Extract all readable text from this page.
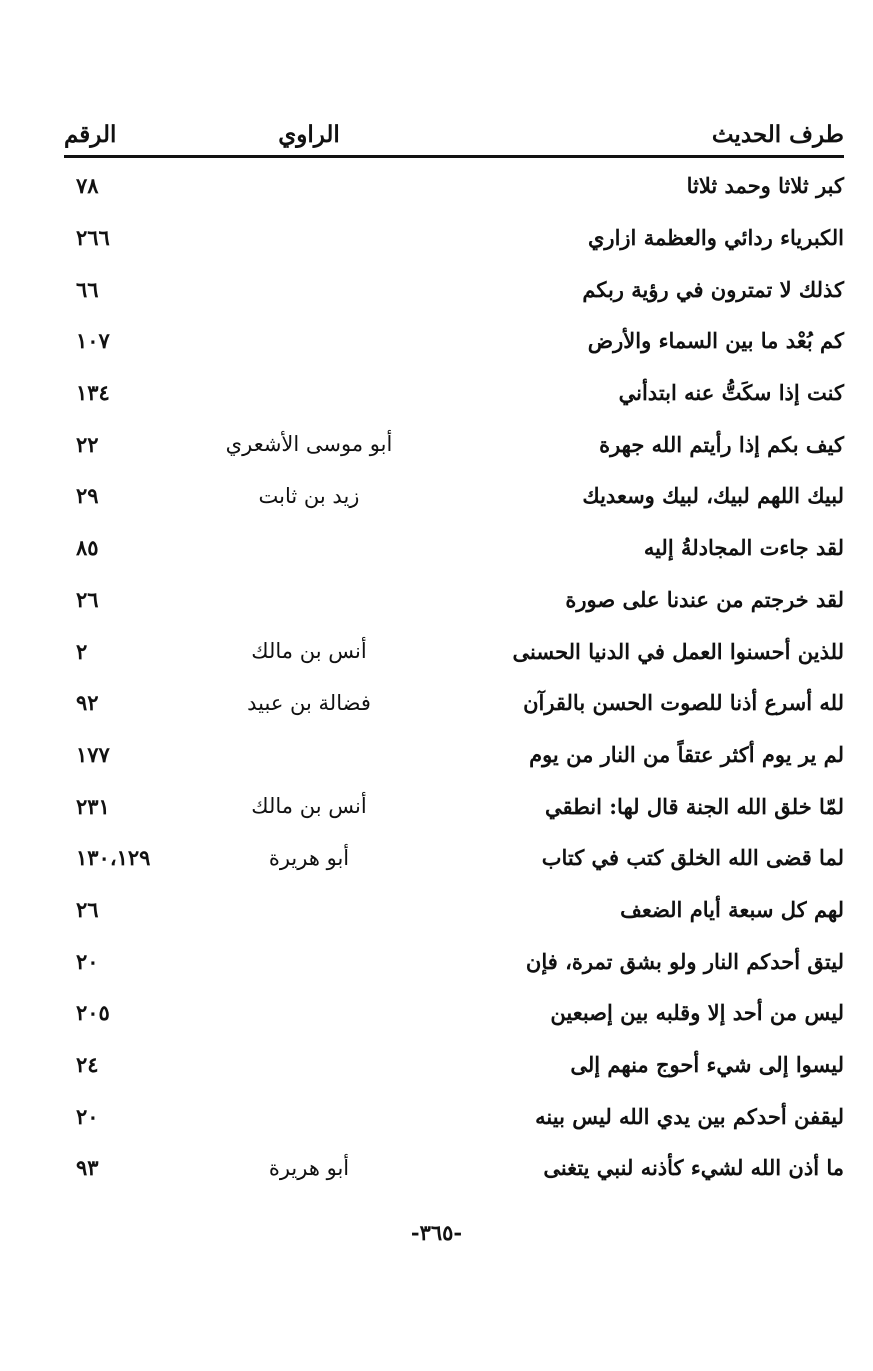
طرف الحديث
الراوي
الرقم
كبر ثلاثا وحمد ثلاثا
٧٨
الكبرياء ردائي والعظمة ازاري
٢٦٦
كذلك لا تمترون في رؤية ربكم
٦٦
كم بُعْد ما بين السماء والأرض
١٠٧
كنت إذا سكَتُّ عنه ابتدأني
١٣٤
كيف بكم إذا رأيتم الله جهرة
أبو موسى الأشعري
٢٢
لبيك اللهم لبيك، لبيك وسعديك
زيد بن ثابت
٢٩
لقد جاءت المجادلةُ إليه
٨٥
لقد خرجتم من عندنا على صورة
٢٦
للذين أحسنوا العمل في الدنيا الحسنى
أنس بن مالك
٢
لله أسرع أذنا للصوت الحسن بالقرآن
فضالة بن عبيد
٩٢
لم ير يوم أكثر عتقاً من النار من يوم
١٧٧
لمّا خلق الله الجنة قال لها: انطقي
أنس بن مالك
٢٣١
لما قضى الله الخلق كتب في كتاب
أبو هريرة
١٣٠،١٢٩
لهم كل سبعة أيام الضعف
٢٦
ليتق أحدكم النار ولو بشق تمرة، فإن
٢٠
ليس من أحد إلا وقلبه بين إصبعين
٢٠٥
ليسوا إلى شيء أحوج منهم إلى
٢٤
ليقفن أحدكم بين يدي الله ليس بينه
٢٠
ما أذن الله لشيء كأذنه لنبي يتغنى
أبو هريرة
٩٣
-٣٦٥-
